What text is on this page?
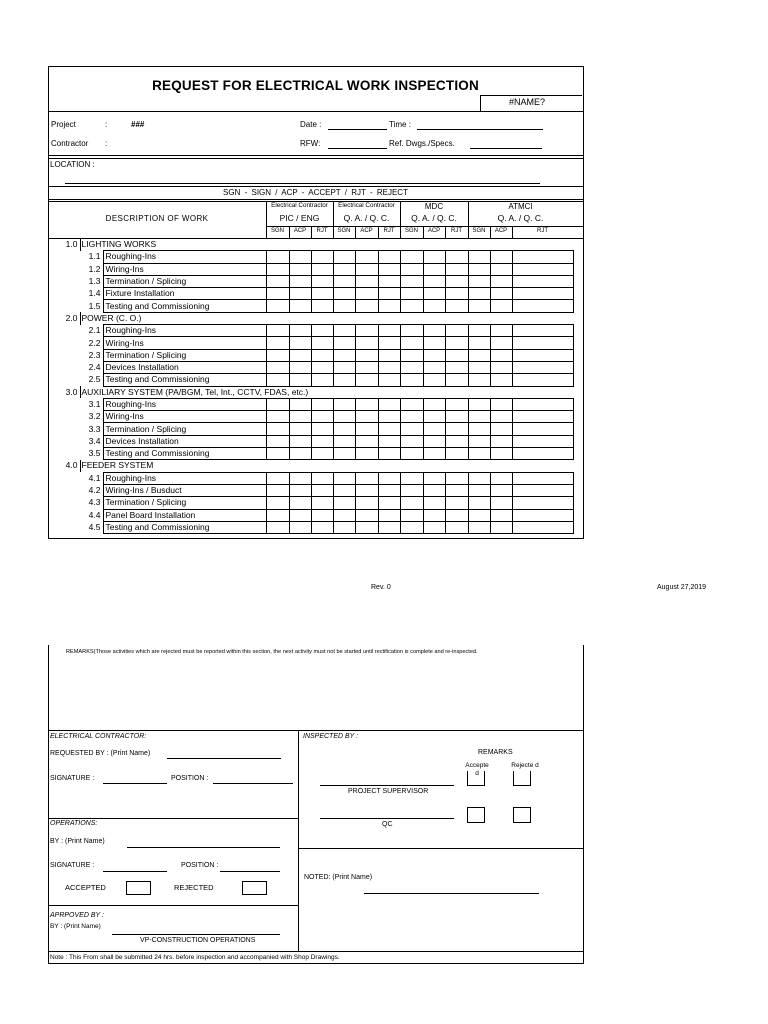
REQUEST FOR ELECTRICAL WORK INSPECTION
#NAME?
Project	:	###	Date :	Time :
Contractor :	RFW:	Ref. Dwgs./Specs.
LOCATION :
SGN - SIGN / ACP - ACCEPT / RJT - REJECT
DESCRIPTION OF WORK
Electrical Contractor
PIC / ENG
Electrical Contractor
Q. A. / Q. C.
MDC
Q. A. / Q. C.
ATMCI
Q. A. / Q. C.
SGN	ACP	RJT	SGN	ACP	RJT	SGN	ACP	RJT	SGN	ACP	RJT
1.0	LIGHTING WORKS														
	1.1	Roughing-Ins													
	1.2	Wiring-Ins													
	1.3	Termination / Splicing													
	1.4	Fixture Installation													
	1.5	Testing and Commissioning													
2.0	POWER (C. O.)														
	2.1	Roughing-Ins													
	2.2	Wiring-Ins													
	2.3	Termination / Splicing													
	2.4	Devices Installation													
	2.5	Testing and Commissioning													
3.0	AUXILIARY SYSTEM (PA/BGM, Tel, Int., CCTV, FDAS, etc.)														
	3.1	Roughing-Ins													
	3.2	Wiring-Ins													
	3.3	Termination / Splicing													
	3.4	Devices Installation													
	3.5	Testing and Commissioning													
4.0	FEEDER SYSTEM														
	4.1	Roughing-Ins													
	4.2	Wiring-Ins / Busduct													
	4.3	Termination / Splicing													
	4.4	Panel Board Installation													
	4.5	Testing and Commissioning													
Rev. 0	August 27,2019
REMARKS(Those activities which are rejected must be reported within this section, the next activity must not be started until rectification is complete and re-inspected.
ELECTRICAL CONTRACTOR:
REQUESTED BY : (Print Name)
SIGNATURE :	POSITION :
OPERATIONS:
BY : (Print Name)
SIGNATURE :	POSITION :
ACCEPTED	REJECTED
APRPOVED BY :
BY : (Print Name)
VP-CONSTRUCTION OPERATIONS
INSPECTED BY :
REMARKS
Accepte d
Rejecte d
PROJECT SUPERVISOR
QC
NOTED: (Print Name)
Note : This From shall be submitted 24 hrs. before inspection and accompanied with Shop Drawings.
